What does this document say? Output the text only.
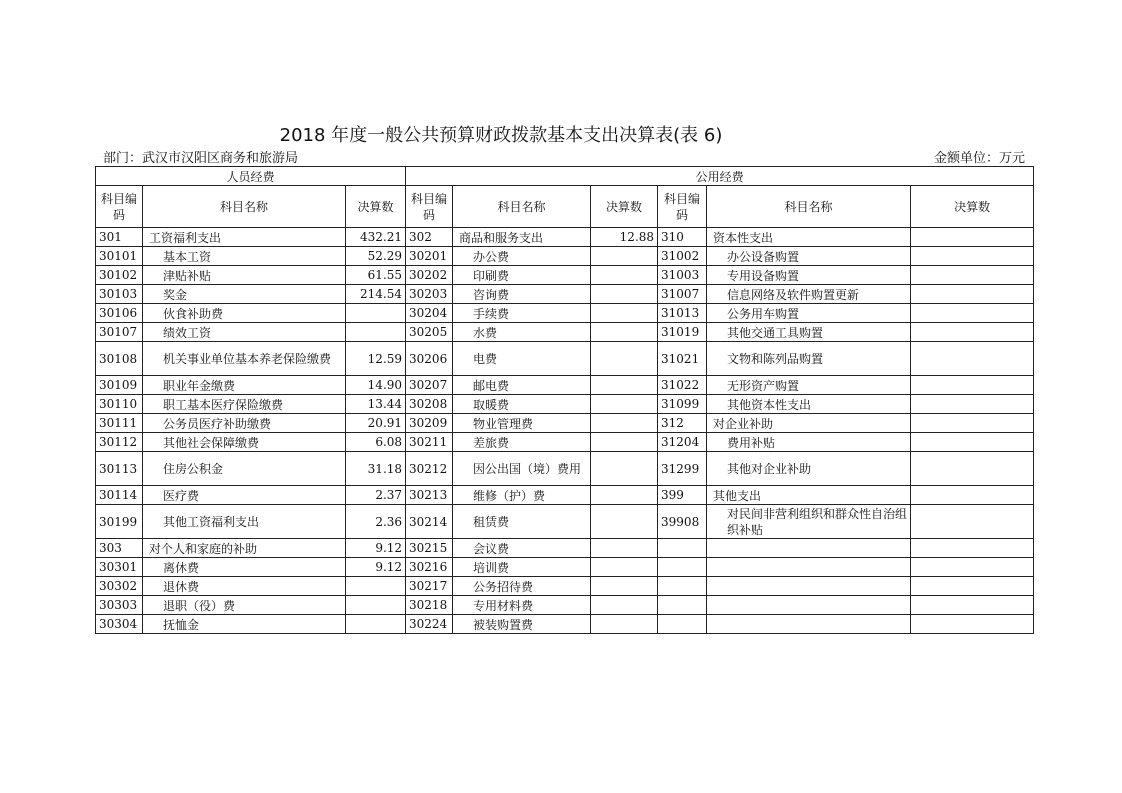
2018 年度一般公共预算财政拨款基本支出决算表(表 6)
部门：武汉市汉阳区商务和旅游局	金额单位：万元
人员经费			公用经费					
科目编码	科目名称	决算数	科目编码	科目名称	决算数	科目编码	科目名称	决算数
301	工资福利支出	432.21	302	商品和服务支出	12.88	310	资本性支出	
30101	基本工资	52.29	30201	办公费		31002	办公设备购置	
30102	津贴补贴	61.55	30202	印刷费		31003	专用设备购置	
30103	奖金	214.54	30203	咨询费		31007	信息网络及软件购置更新	
30106	伙食补助费		30204	手续费		31013	公务用车购置	
30107	绩效工资		30205	水费		31019	其他交通工具购置	
30108	机关事业单位基本养老保险缴费	12.59	30206	电费		31021	文物和陈列品购置	
30109	职业年金缴费	14.90	30207	邮电费		31022	无形资产购置	
30110	职工基本医疗保险缴费	13.44	30208	取暖费		31099	其他资本性支出	
30111	公务员医疗补助缴费	20.91	30209	物业管理费		312	对企业补助	
30112	其他社会保障缴费	6.08	30211	差旅费		31204	费用补贴	
30113	住房公积金	31.18	30212	因公出国（境）费用		31299	其他对企业补助	
30114	医疗费	2.37	30213	维修（护）费		399	其他支出	
30199	其他工资福利支出	2.36	30214	租赁费		39908	对民间非营利组织和群众性自治组织补贴	
303	对个人和家庭的补助	9.12	30215	会议费				
30301	离休费	9.12	30216	培训费				
30302	退休费		30217	公务招待费				
30303	退职（役）费		30218	专用材料费				
30304	抚恤金		30224	被装购置费				
